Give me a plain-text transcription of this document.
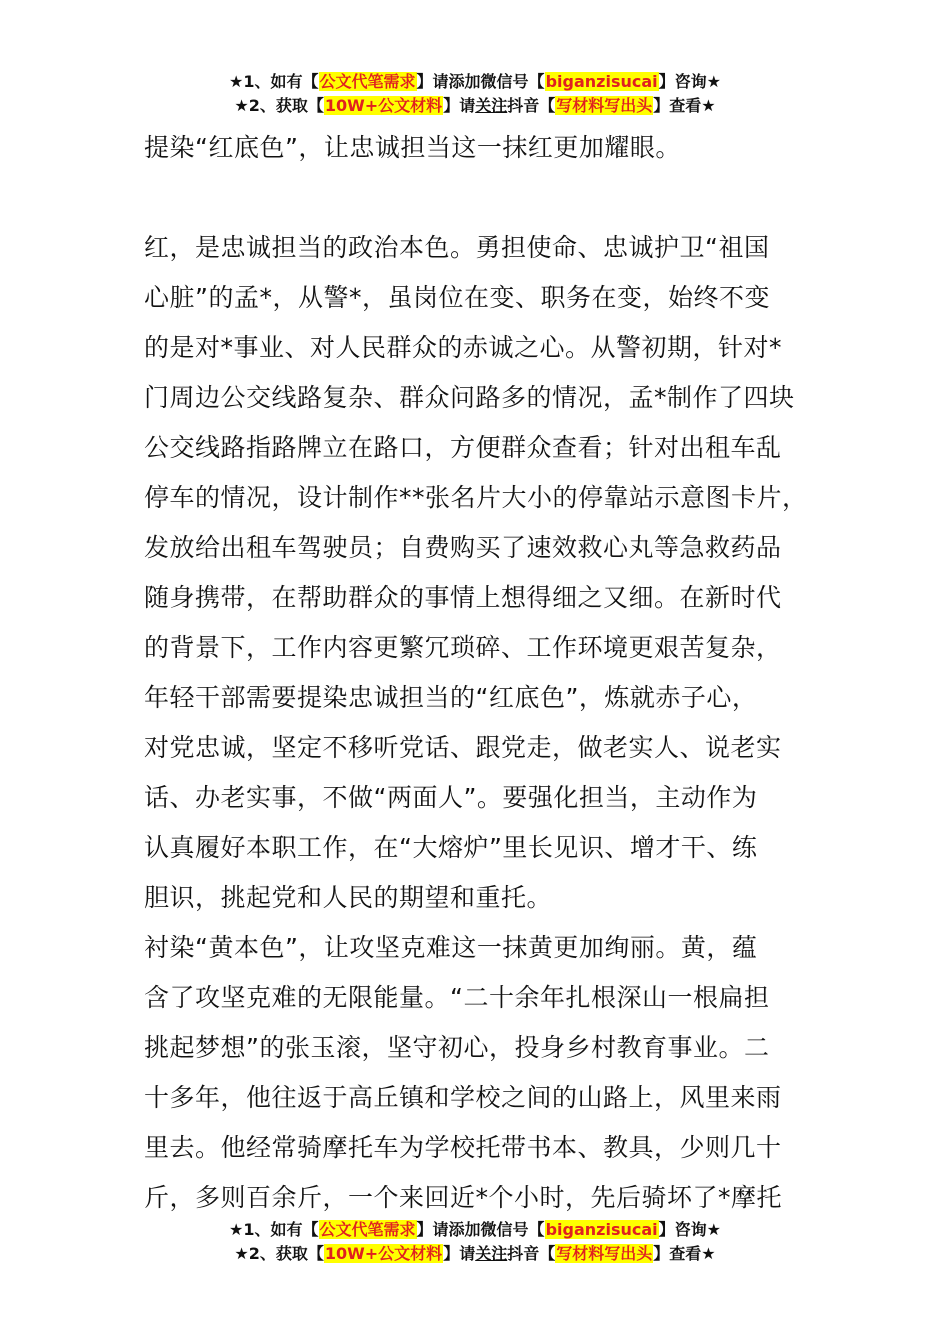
★1、如有【公文代笔需求】请添加微信号【biganzisucai】咨询★
★2、获取【10W+公文材料】请关注抖音【写材料写出头】查看★

提染“红底色”，让忠诚担当这一抹红更加耀眼。

红，是忠诚担当的政治本色。勇担使命、忠诚护卫“祖国

心脏”的孟*，从警*，虽岗位在变、职务在变，始终不变

的是对*事业、对人民群众的赤诚之心。从警初期，针对*

门周边公交线路复杂、群众问路多的情况，孟*制作了四块

公交线路指路牌立在路口，方便群众查看；针对出租车乱

停车的情况，设计制作**张名片大小的停靠站示意图卡片，

发放给出租车驾驶员；自费购买了速效救心丸等急救药品

随身携带，在帮助群众的事情上想得细之又细。在新时代

的背景下，工作内容更繁冗琐碎、工作环境更艰苦复杂，

年轻干部需要提染忠诚担当的“红底色”，炼就赤子心，

对党忠诚，坚定不移听党话、跟党走，做老实人、说老实

话、办老实事，不做“两面人”。要强化担当，主动作为

认真履好本职工作，在“大熔炉”里长见识、增才干、练

胆识，挑起党和人民的期望和重托。

衬染“黄本色”，让攻坚克难这一抹黄更加绚丽。黄，蕴

含了攻坚克难的无限能量。“二十余年扎根深山一根扁担

挑起梦想”的张玉滚，坚守初心，投身乡村教育事业。二

十多年，他往返于高丘镇和学校之间的山路上，风里来雨

里去。他经常骑摩托车为学校托带书本、教具，少则几十

斤，多则百余斤，一个来回近*个小时，先后骑坏了*摩托

★1、如有【公文代笔需求】请添加微信号【biganzisucai】咨询★
★2、获取【10W+公文材料】请关注抖音【写材料写出头】查看★
